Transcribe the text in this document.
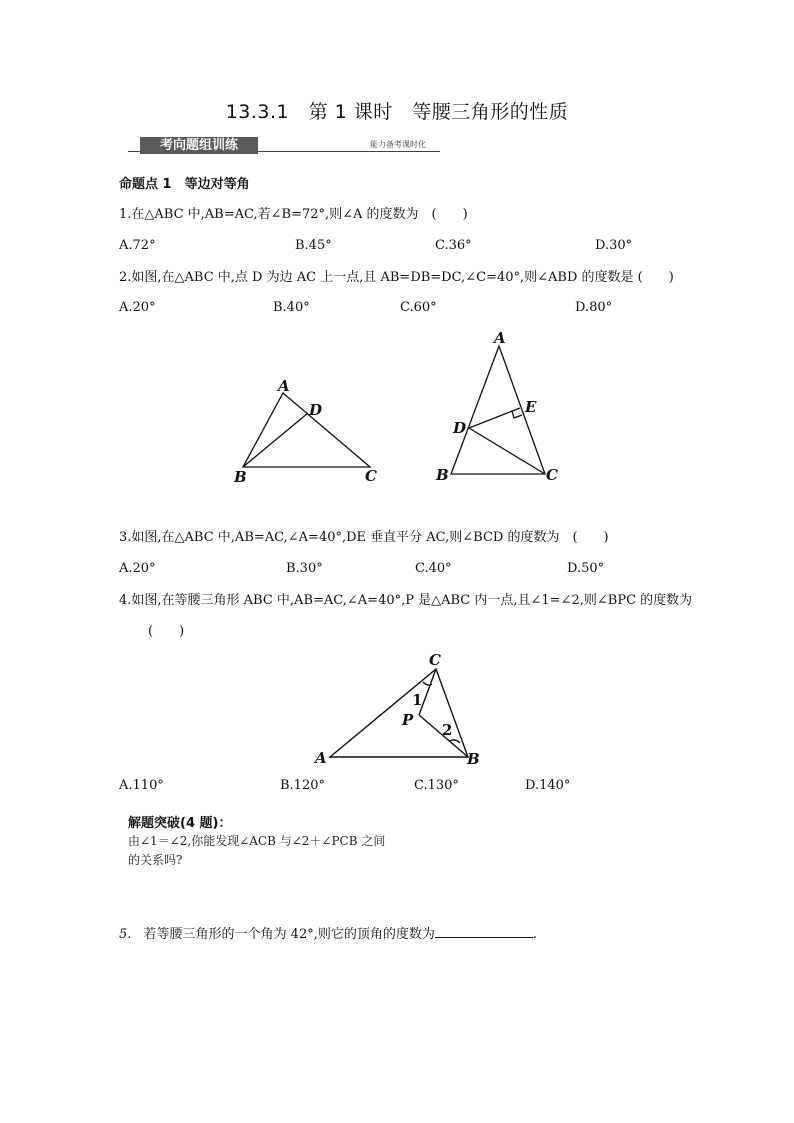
13.3.1　第 1 课时　等腰三角形的性质
考向题组训练	能力备考课时化
命题点 1　等边对等角
1.在△ABC 中,AB=AC,若∠B=72°,则∠A 的度数为　(　　)
A.72°	B.45°	C.36°	D.30°
2.如图,在△ABC 中,点 D 为边 AC 上一点,且 AB=DB=DC,∠C=40°,则∠ABD 的度数是 (　　)
A.20°	B.40°	C.60°	D.80°
A
D
B	C
A
E
D
B	C
3.如图,在△ABC 中,AB=AC,∠A=40°,DE 垂直平分 AC,则∠BCD 的度数为　(　　)
A.20°	B.30°	C.40°	D.50°
4.如图,在等腰三角形 ABC 中,AB=AC,∠A=40°,P 是△ABC 内一点,且∠1=∠2,则∠BPC 的度数为
(　　)
C
1
P
2
A	B
A.110°	B.120°	C.130°	D.140°
解题突破(4 题)：
由∠1＝∠2,你能发现∠ACB 与∠2＋∠PCB 之间
的关系吗?
5. 若等腰三角形的一个角为 42°,则它的顶角的度数为	.
